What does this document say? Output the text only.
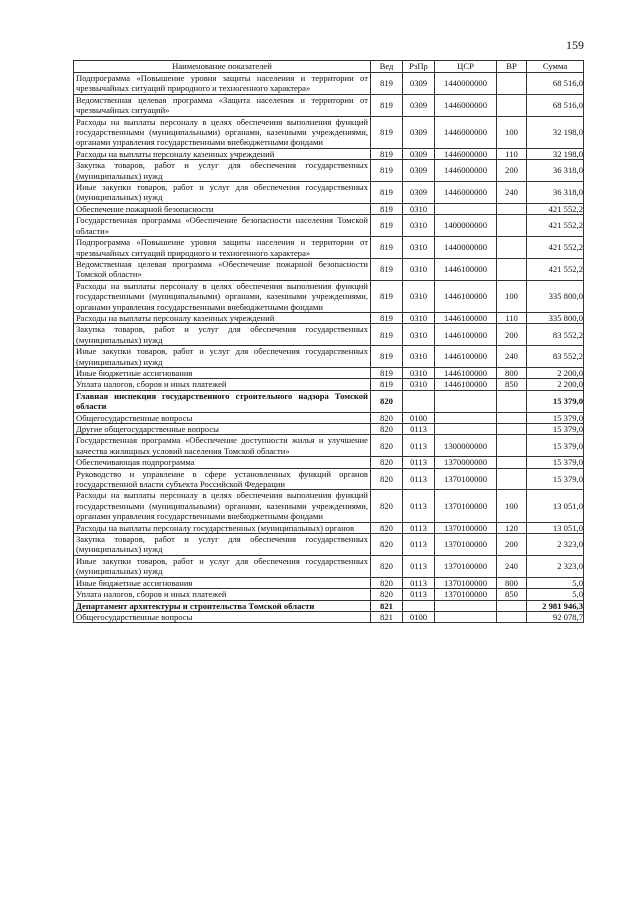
159
Наименование показателей	Вед	РзПр	ЦСР	ВР	Сумма
Подпрограмма «Повышение уровня защиты населения и территории от чрезвычайных ситуаций природного и техногенного характера»	819	0309	1440000000		68 516,0
Ведомственная целевая программа «Защита населения и территории от чрезвычайных ситуаций»	819	0309	1446000000		68 516,0
Расходы на выплаты персоналу в целях обеспечения выполнения функций государственными (муниципальными) органами, казенными учреждениями, органами управления государственными внебюджетными фондами	819	0309	1446000000	100	32 198,0
Расходы на выплаты персоналу казенных учреждений	819	0309	1446000000	110	32 198,0
Закупка товаров, работ и услуг для обеспечения государственных (муниципальных) нужд	819	0309	1446000000	200	36 318,0
Иные закупки товаров, работ и услуг для обеспечения государственных (муниципальных) нужд	819	0309	1446000000	240	36 318,0
Обеспечение пожарной безопасности	819	0310			421 552,2
Государственная программа «Обеспечение безопасности населения Томской области»	819	0310	1400000000		421 552,2
Подпрограмма «Повышение уровня защиты населения и территории от чрезвычайных ситуаций природного и техногенного характера»	819	0310	1440000000		421 552,2
Ведомственная целевая программа «Обеспечение пожарной безопасности Томской области»	819	0310	1446100000		421 552,2
Расходы на выплаты персоналу в целях обеспечения выполнения функций государственными (муниципальными) органами, казенными учреждениями, органами управления государственными внебюджетными фондами	819	0310	1446100000	100	335 800,0
Расходы на выплаты персоналу казенных учреждений	819	0310	1446100000	110	335 800,0
Закупка товаров, работ и услуг для обеспечения государственных (муниципальных) нужд	819	0310	1446100000	200	83 552,2
Иные закупки товаров, работ и услуг для обеспечения государственных (муниципальных) нужд	819	0310	1446100000	240	83 552,2
Иные бюджетные ассигнования	819	0310	1446100000	800	2 200,0
Уплата налогов, сборов и иных платежей	819	0310	1446100000	850	2 200,0
Главная инспекция государственного строительного надзора Томской области	820				15 379,0
Общегосударственные вопросы	820	0100			15 379,0
Другие общегосударственные вопросы	820	0113			15 379,0
Государственная программа «Обеспечение доступности жилья и улучшение качества жилищных условий населения Томской области»	820	0113	1300000000		15 379,0
Обеспечивающая подпрограмма	820	0113	1370000000		15 379,0
Руководство и управление в сфере установленных функций органов государственной власти субъекта Российской Федерации	820	0113	1370100000		15 379,0
Расходы на выплаты персоналу в целях обеспечения выполнения функций государственными (муниципальными) органами, казенными учреждениями, органами управления государственными внебюджетными фондами	820	0113	1370100000	100	13 051,0
Расходы на выплаты персоналу государственных (муниципальных) органов	820	0113	1370100000	120	13 051,0
Закупка товаров, работ и услуг для обеспечения государственных (муниципальных) нужд	820	0113	1370100000	200	2 323,0
Иные закупки товаров, работ и услуг для обеспечения государственных (муниципальных) нужд	820	0113	1370100000	240	2 323,0
Иные бюджетные ассигнования	820	0113	1370100000	800	5,0
Уплата налогов, сборов и иных платежей	820	0113	1370100000	850	5,0
Департамент архитектуры и строительства Томской области	821				2 981 946,3
Общегосударственные вопросы	821	0100			92 078,7
